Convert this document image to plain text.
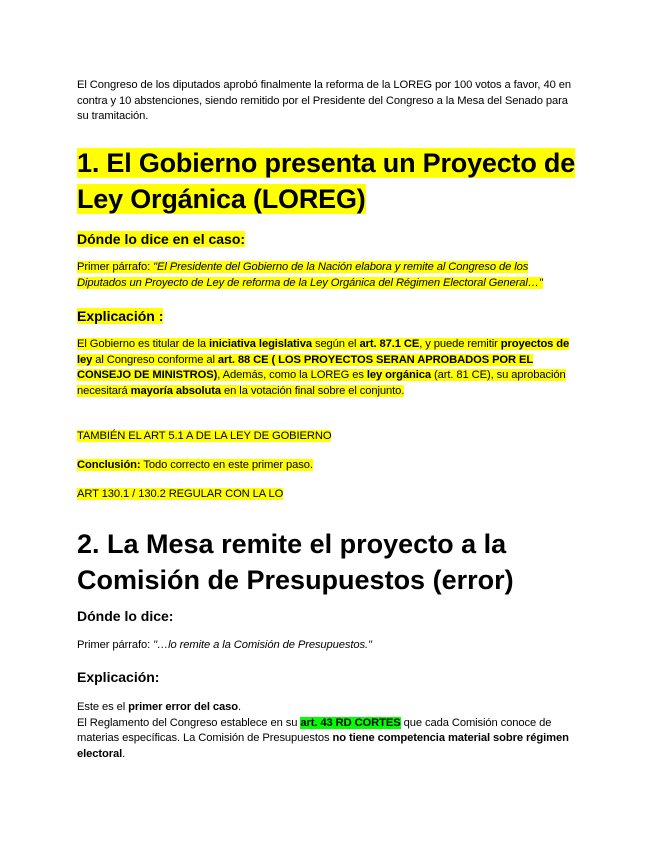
El Congreso de los diputados aprobó finalmente la reforma de la LOREG por 100 votos a favor, 40 en contra y 10 abstenciones, siendo remitido por el Presidente del Congreso a la Mesa del Senado para su tramitación.

1. El Gobierno presenta un Proyecto de
Ley Orgánica (LOREG)

Dónde lo dice en el caso:

Primer párrafo: "El Presidente del Gobierno de la Nación elabora y remite al Congreso de los Diputados un Proyecto de Ley de reforma de la Ley Orgánica del Régimen Electoral General…"

Explicación :

El Gobierno es titular de la iniciativa legislativa según el art. 87.1 CE, y puede remitir proyectos de ley al Congreso conforme al art. 88 CE ( LOS PROYECTOS SERAN APROBADOS POR EL CONSEJO DE MINISTROS), Además, como la LOREG es ley orgánica (art. 81 CE), su aprobación necesitará mayoría absoluta en la votación final sobre el conjunto.

TAMBIÉN EL ART 5.1 A DE LA LEY DE GOBIERNO

Conclusión: Todo correcto en este primer paso.

ART 130.1 / 130.2 REGULAR CON LA LO

2. La Mesa remite el proyecto a la
Comisión de Presupuestos (error)

Dónde lo dice:

Primer párrafo: "…lo remite a la Comisión de Presupuestos."

Explicación:

Este es el primer error del caso.
El Reglamento del Congreso establece en su art. 43 RD CORTES que cada Comisión conoce de materias específicas. La Comisión de Presupuestos no tiene competencia material sobre régimen electoral.
